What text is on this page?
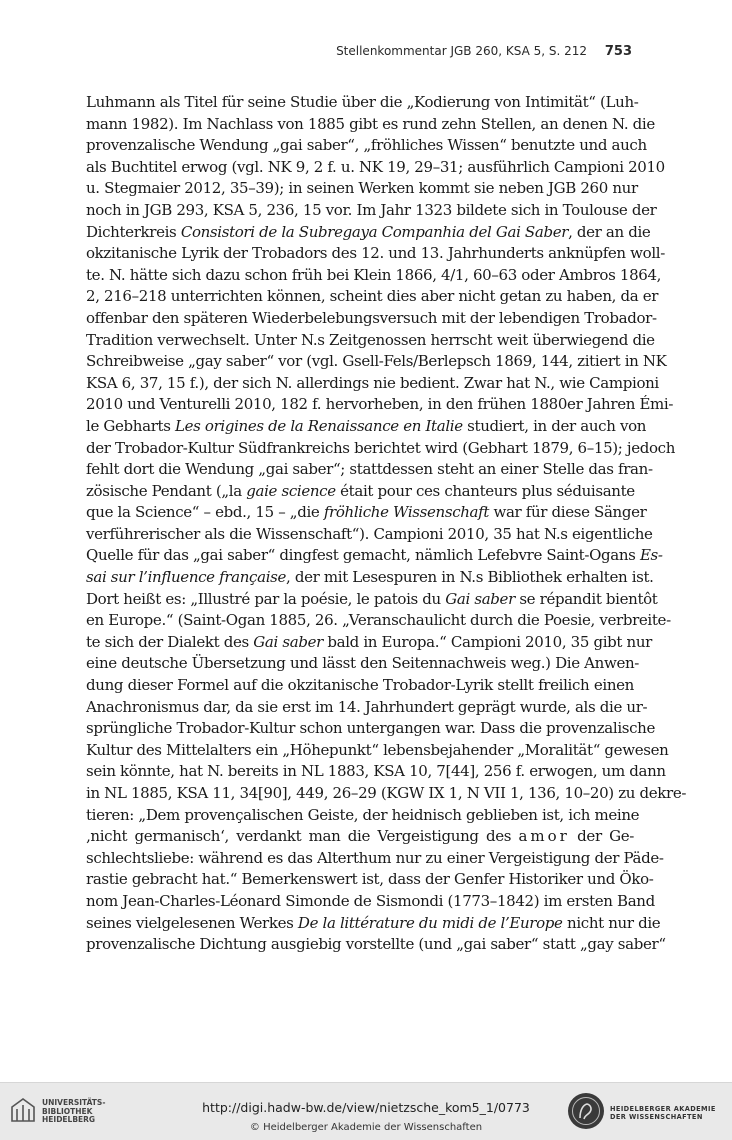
Stellenkommentar JGB 260, KSA 5, S. 212 753
Luhmann als Titel für seine Studie über die „Kodierung von Intimität“ (Luh-
mann 1982). Im Nachlass von 1885 gibt es rund zehn Stellen, an denen N. die
provenzalische Wendung „gai saber“, „fröhliches Wissen“ benutzte und auch
als Buchtitel erwog (vgl. NK 9, 2 f. u. NK 19, 29–31; ausführlich Campioni 2010
u. Stegmaier 2012, 35–39); in seinen Werken kommt sie neben JGB 260 nur
noch in JGB 293, KSA 5, 236, 15 vor. Im Jahr 1323 bildete sich in Toulouse der
Dichterkreis Consistori de la Subregaya Companhia del Gai Saber, der an die
okzitanische Lyrik der Trobadors des 12. und 13. Jahrhunderts anknüpfen woll-
te. N. hätte sich dazu schon früh bei Klein 1866, 4/1, 60–63 oder Ambros 1864,
2, 216–218 unterrichten können, scheint dies aber nicht getan zu haben, da er
offenbar den späteren Wiederbelebungsversuch mit der lebendigen Trobador-
Tradition verwechselt. Unter N.s Zeitgenossen herrscht weit überwiegend die
Schreibweise „gay saber“ vor (vgl. Gsell-Fels/Berlepsch 1869, 144, zitiert in NK
KSA 6, 37, 15 f.), der sich N. allerdings nie bedient. Zwar hat N., wie Campioni
2010 und Venturelli 2010, 182 f. hervorheben, in den frühen 1880er Jahren Émi-
le Gebharts Les origines de la Renaissance en Italie studiert, in der auch von
der Trobador-Kultur Südfrankreichs berichtet wird (Gebhart 1879, 6–15); jedoch
fehlt dort die Wendung „gai saber“; stattdessen steht an einer Stelle das fran-
zösische Pendant („la gaie science était pour ces chanteurs plus séduisante
que la Science“ – ebd., 15 – „die fröhliche Wissenschaft war für diese Sänger
verführerischer als die Wissenschaft“). Campioni 2010, 35 hat N.s eigentliche
Quelle für das „gai saber“ dingfest gemacht, nämlich Lefebvre Saint-Ogans Es-
sai sur l’influence française, der mit Lesespuren in N.s Bibliothek erhalten ist.
Dort heißt es: „Illustré par la poésie, le patois du Gai saber se répandit bientôt
en Europe.“ (Saint-Ogan 1885, 26. „Veranschaulicht durch die Poesie, verbreite-
te sich der Dialekt des Gai saber bald in Europa.“ Campioni 2010, 35 gibt nur
eine deutsche Übersetzung und lässt den Seitennachweis weg.) Die Anwen-
dung dieser Formel auf die okzitanische Trobador-Lyrik stellt freilich einen
Anachronismus dar, da sie erst im 14. Jahrhundert geprägt wurde, als die ur-
sprüngliche Trobador-Kultur schon untergangen war. Dass die provenzalische
Kultur des Mittelalters ein „Höhepunkt“ lebensbejahender „Moralität“ gewesen
sein könnte, hat N. bereits in NL 1883, KSA 10, 7[44], 256 f. erwogen, um dann
in NL 1885, KSA 11, 34[90], 449, 26–29 (KGW IX 1, N VII 1, 136, 10–20) zu dekre-
tieren: „Dem provençalischen Geiste, der heidnisch geblieben ist, ich meine
‚nicht germanisch‘, verdankt man die Vergeistigung des amor der Ge-
schlechtsliebe: während es das Alterthum nur zu einer Vergeistigung der Päde-
rastie gebracht hat.“ Bemerkenswert ist, dass der Genfer Historiker und Öko-
nom Jean-Charles-Léonard Simonde de Sismondi (1773–1842) im ersten Band
seines vielgelesenen Werkes De la littérature du midi de l’Europe nicht nur die
provenzalische Dichtung ausgiebig vorstellte (und „gai saber“ statt „gay saber“
UNIVERSITÄTS-
BIBLIOTHEK
HEIDELBERG
http://digi.hadw-bw.de/view/nietzsche_kom5_1/0773
© Heidelberger Akademie der Wissenschaften
HEIDELBERGER AKADEMIE
DER WISSENSCHAFTEN
